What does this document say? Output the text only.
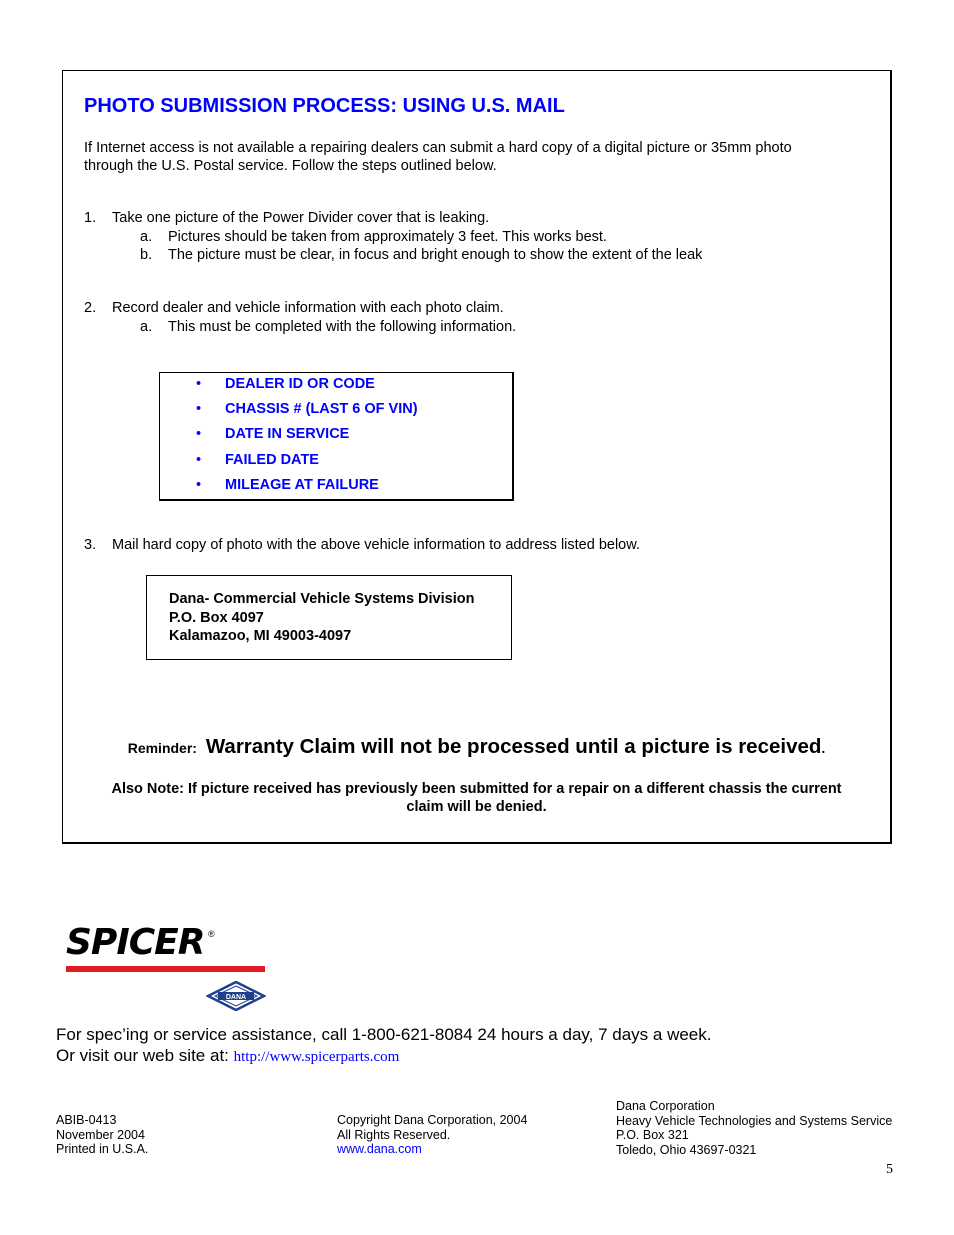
PHOTO SUBMISSION PROCESS: USING U.S. MAIL
If Internet access is not available a repairing dealers can submit a hard copy of a digital picture or 35mm photo
through the U.S. Postal service. Follow the steps outlined below.
1. Take one picture of the Power Divider cover that is leaking.
a. Pictures should be taken from approximately 3 feet. This works best.
b. The picture must be clear, in focus and bright enough to show the extent of the leak
2. Record dealer and vehicle information with each photo claim.
a. This must be completed with the following information.
• DEALER ID OR CODE
• CHASSIS # (LAST 6 OF VIN)
• DATE IN SERVICE
• FAILED DATE
• MILEAGE AT FAILURE
3. Mail hard copy of photo with the above vehicle information to address listed below.
Dana- Commercial Vehicle Systems Division
P.O. Box 4097
Kalamazoo, MI 49003-4097
Reminder: Warranty Claim will not be processed until a picture is received.
Also Note: If picture received has previously been submitted for a repair on a different chassis the current
claim will be denied.
SPICER ®
DANA
For spec’ing or service assistance, call 1-800-621-8084 24 hours a day, 7 days a week.
Or visit our web site at: http://www.spicerparts.com
ABIB-0413
November 2004
Printed in U.S.A.
Copyright Dana Corporation, 2004
All Rights Reserved.
www.dana.com
Dana Corporation
Heavy Vehicle Technologies and Systems Service
P.O. Box 321
Toledo, Ohio 43697-0321
5
